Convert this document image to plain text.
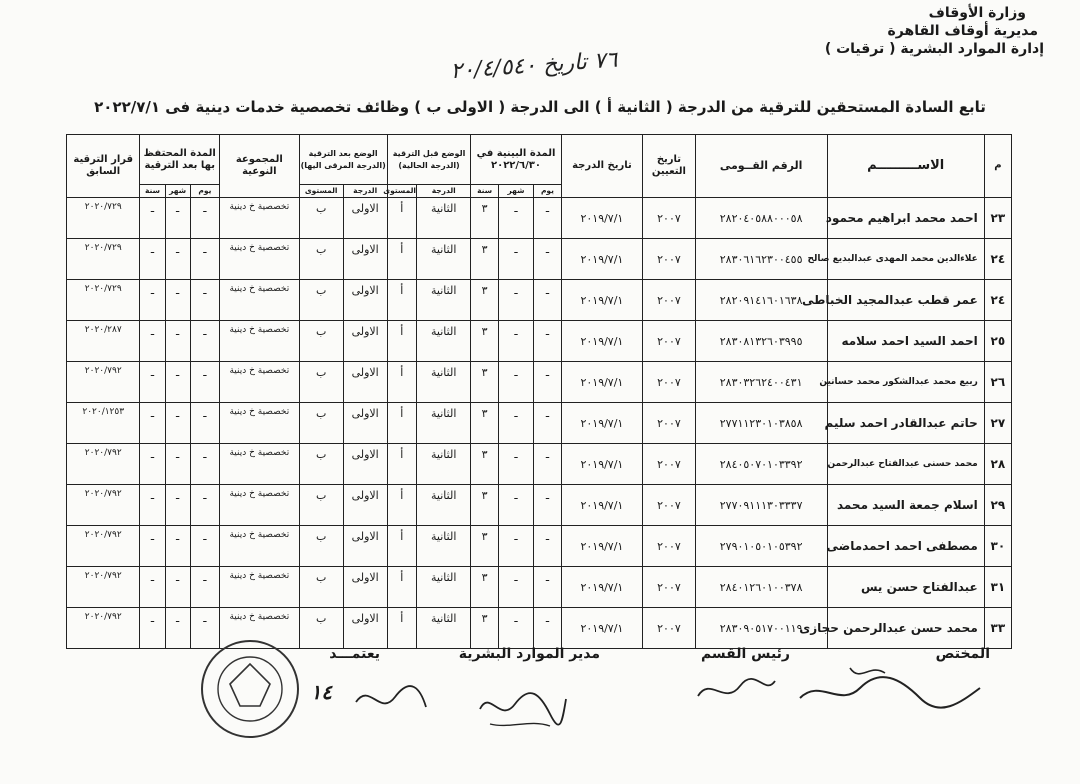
وزارة الأوقاف
مديرية أوقاف القاهرة
إدارة الموارد البشرية ( ترقيات )
٧٦ تاريخ ٢٠/٤/٥٤٠
تابع السادة المستحقين للترقية من الدرجة ( الثانية أ ) الى الدرجة ( الاولى ب ) وظائف تخصصية خدمات دينية فى ٢٠٢٢/٧/١
م	الاســـــــــم	الرقم القــومى	تاريخ التعيين	تاريخ الدرجة	المدة البينية في ٢٠٢٢/٦/٣٠			الوضع قبل الترقية (الدرجة الحالية)		الوضع بعد الترقية (الدرجة المرقى اليها)		المجموعة النوعية	المدة المحتفظ بها بعد الترقية			قرار الترقية السابق
					يوم	شهر	سنة	الدرجة	المستوى	الدرجة	المستوى		يوم	شهر	سنة	
٢٣	احمد محمد ابراهيم محمود	٢٨٢٠٤٠٥٨٨٠٠٠٥٨	٢٠٠٧	٢٠١٩/٧/١	ـ	ـ	٣	الثانية	أ	الاولى	ب	تخصصية خ دينية	ـ	ـ	ـ	٢٠٢٠/٧٢٩
٢٤	علاءالدين محمد المهدى عبدالبديع صالح	٢٨٣٠٦١٦٢٣٠٠٤٥٥	٢٠٠٧	٢٠١٩/٧/١	ـ	ـ	٣	الثانية	أ	الاولى	ب	تخصصية خ دينية	ـ	ـ	ـ	٢٠٢٠/٧٢٩
٢٤	عمر قطب عبدالمجيد الخباطى	٢٨٢٠٩١٤١٦٠١٦٣٨	٢٠٠٧	٢٠١٩/٧/١	ـ	ـ	٣	الثانية	أ	الاولى	ب	تخصصية خ دينية	ـ	ـ	ـ	٢٠٢٠/٧٢٩
٢٥	احمد السيد احمد سلامه	٢٨٣٠٨١٣٢٦٠٣٩٩٥	٢٠٠٧	٢٠١٩/٧/١	ـ	ـ	٣	الثانية	أ	الاولى	ب	تخصصية خ دينية	ـ	ـ	ـ	٢٠٢٠/٢٨٧
٢٦	ربيع محمد عبدالشكور محمد حسانين	٢٨٣٠٣٢٦٢٤٠٠٤٣١	٢٠٠٧	٢٠١٩/٧/١	ـ	ـ	٣	الثانية	أ	الاولى	ب	تخصصية خ دينية	ـ	ـ	ـ	٢٠٢٠/٧٩٢
٢٧	حاتم عبدالقادر احمد سليم	٢٧٧١١٢٣٠١٠٣٨٥٨	٢٠٠٧	٢٠١٩/٧/١	ـ	ـ	٣	الثانية	أ	الاولى	ب	تخصصية خ دينية	ـ	ـ	ـ	٢٠٢٠/١٢٥٣
٢٨	محمد حسنى عبدالفتاح عبدالرحمن	٢٨٤٠٥٠٧٠١٠٣٣٩٢	٢٠٠٧	٢٠١٩/٧/١	ـ	ـ	٣	الثانية	أ	الاولى	ب	تخصصية خ دينية	ـ	ـ	ـ	٢٠٢٠/٧٩٢
٢٩	اسلام جمعة السيد محمد	٢٧٧٠٩١١١٣٠٣٣٣٧	٢٠٠٧	٢٠١٩/٧/١	ـ	ـ	٣	الثانية	أ	الاولى	ب	تخصصية خ دينية	ـ	ـ	ـ	٢٠٢٠/٧٩٢
٣٠	مصطفى احمد احمدماضى	٢٧٩٠١٠٥٠١٠٥٣٩٢	٢٠٠٧	٢٠١٩/٧/١	ـ	ـ	٣	الثانية	أ	الاولى	ب	تخصصية خ دينية	ـ	ـ	ـ	٢٠٢٠/٧٩٢
٣١	عبدالفتاح حسن يس	٢٨٤٠١٢٦٠١٠٠٣٧٨	٢٠٠٧	٢٠١٩/٧/١	ـ	ـ	٣	الثانية	أ	الاولى	ب	تخصصية خ دينية	ـ	ـ	ـ	٢٠٢٠/٧٩٢
٣٣	محمد حسن عبدالرحمن حجازى	٢٨٣٠٩٠٥١٧٠٠١١٩	٢٠٠٧	٢٠١٩/٧/١	ـ	ـ	٣	الثانية	أ	الاولى	ب	تخصصية خ دينية	ـ	ـ	ـ	٢٠٢٠/٧٩٢
المختص
رئيس القسم
مدير الموارد البشرية
يعتمـــد
١٤
